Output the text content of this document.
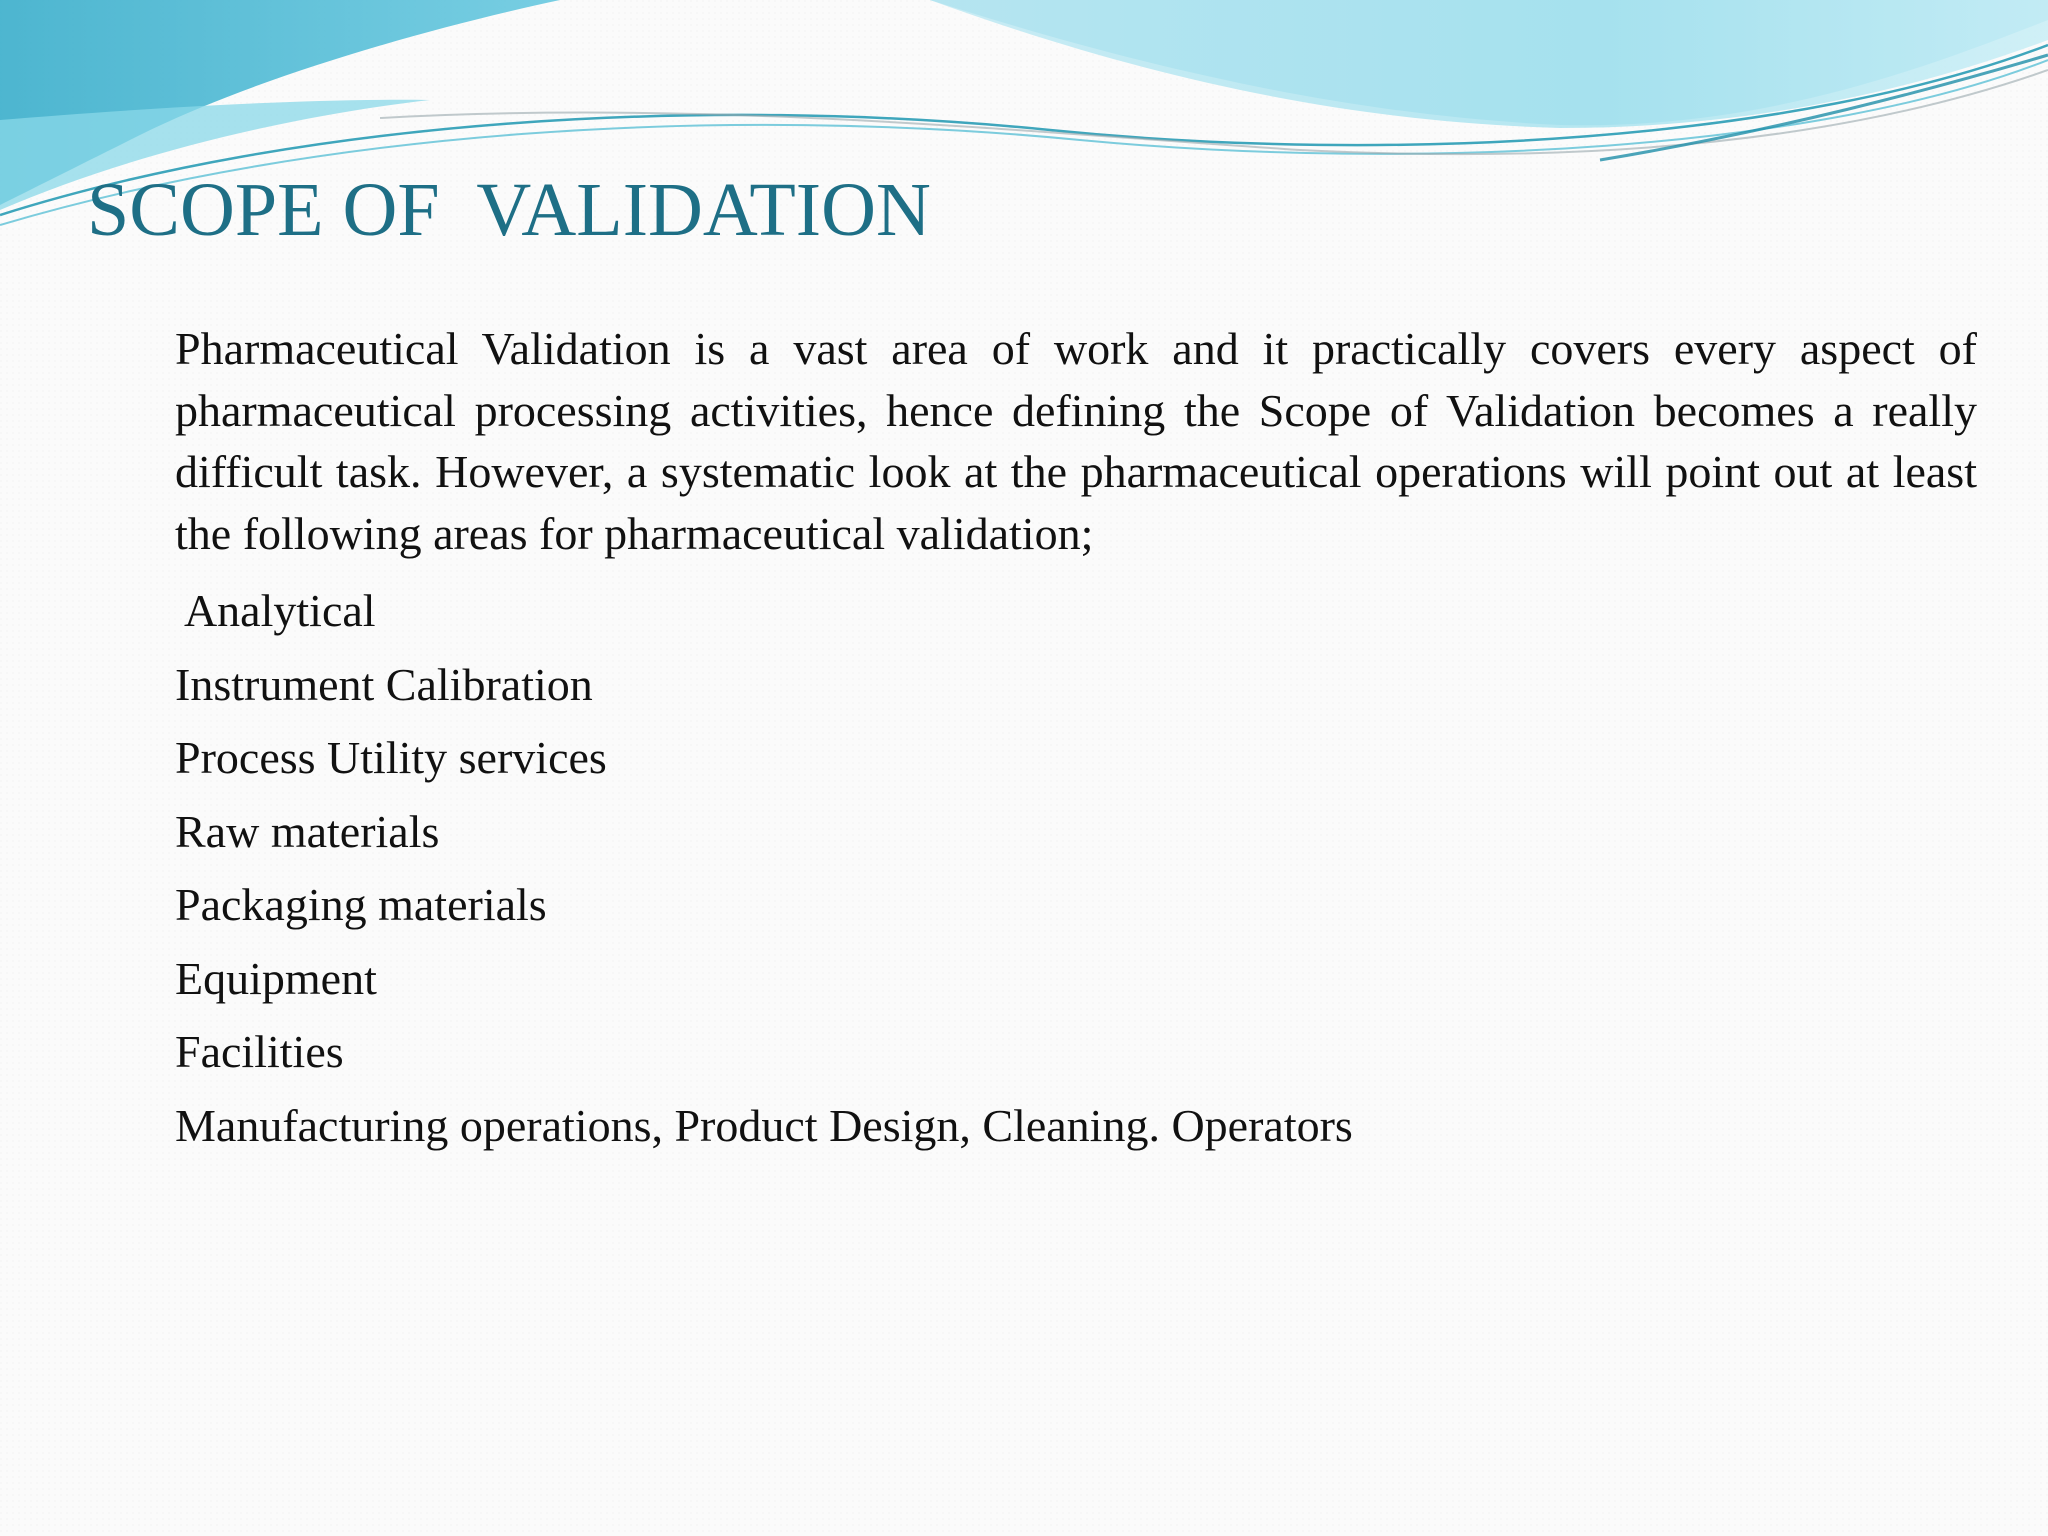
SCOPE OF  VALIDATION

Pharmaceutical Validation is a vast area of work and it practically covers every aspect of pharmaceutical processing activities, hence defining the Scope of Validation becomes a really difficult task. However, a systematic look at the pharmaceutical operations will point out at least the following areas for pharmaceutical validation;

Analytical
Instrument Calibration
Process Utility services
Raw materials
Packaging materials
Equipment
Facilities
Manufacturing operations, Product Design, Cleaning. Operators
